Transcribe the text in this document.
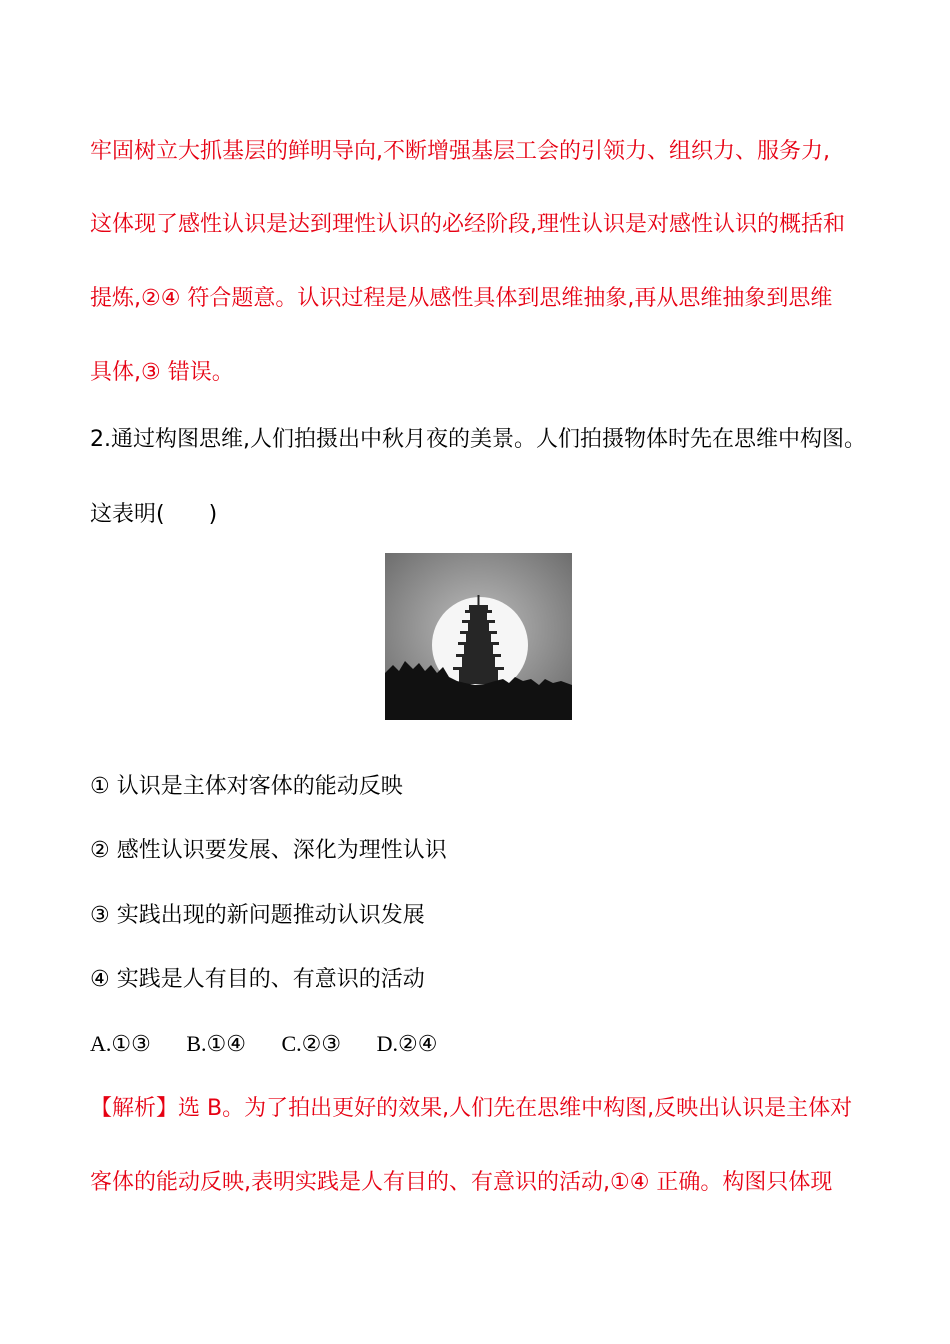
牢固树立大抓基层的鲜明导向,不断增强基层工会的引领力、组织力、服务力,
这体现了感性认识是达到理性认识的必经阶段,理性认识是对感性认识的概括和
提炼,②④ 符合题意。认识过程是从感性具体到思维抽象,再从思维抽象到思维
具体,③ 错误。
2.通过构图思维,人们拍摄出中秋月夜的美景。人们拍摄物体时先在思维中构图。
这表明(　　)
① 认识是主体对客体的能动反映
② 感性认识要发展、深化为理性认识
③ 实践出现的新问题推动认识发展
④ 实践是人有目的、有意识的活动
A.①③ B.①④ C.②③ D.②④
【解析】选 B。为了拍出更好的效果,人们先在思维中构图,反映出认识是主体对
客体的能动反映,表明实践是人有目的、有意识的活动,①④ 正确。构图只体现
